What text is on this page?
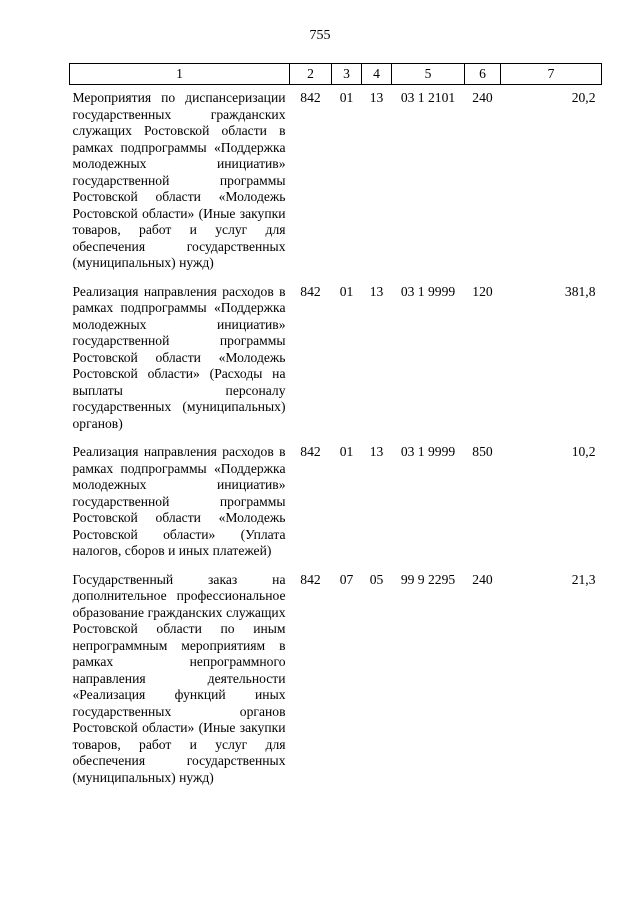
755
1	2	3	4	5	6	7
Мероприятия по диспансеризации государственных гражданских служащих Ростовской области в рамках подпрограммы «Поддержка молодежных инициатив» государственной программы Ростовской области «Молодежь Ростовской области» (Иные закупки товаров, работ и услуг для обеспечения государственных (муниципальных) нужд)	842	01	13	03 1 2101	240	20,2
Реализация направления расходов в рамках подпрограммы «Поддержка молодежных инициатив» государственной программы Ростовской области «Молодежь Ростовской области» (Расходы на выплаты персоналу государственных (муниципальных) органов)	842	01	13	03 1 9999	120	381,8
Реализация направления расходов в рамках подпрограммы «Поддержка молодежных инициатив» государственной программы Ростовской области «Молодежь Ростовской области» (Уплата налогов, сборов и иных платежей)	842	01	13	03 1 9999	850	10,2
Государственный заказ на дополнительное профессиональное образование гражданских служащих Ростовской области по иным непрограммным мероприятиям в рамках непрограммного направления деятельности «Реализация функций иных государственных органов Ростовской области» (Иные закупки товаров, работ и услуг для обеспечения государственных (муниципальных) нужд)	842	07	05	99 9 2295	240	21,3
